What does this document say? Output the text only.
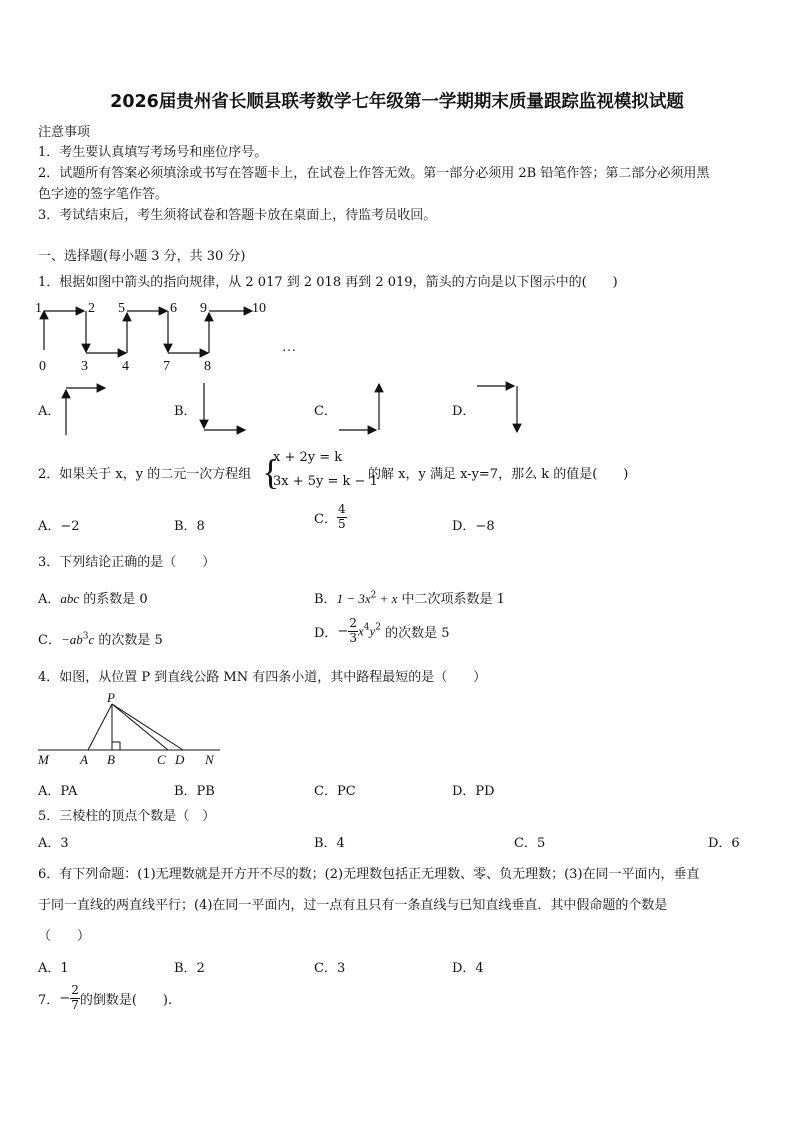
2026届贵州省长顺县联考数学七年级第一学期期末质量跟踪监视模拟试题
注意事项
1．考生要认真填写考场号和座位序号。
2．试题所有答案必须填涂或书写在答题卡上，在试卷上作答无效。第一部分必须用 2B 铅笔作答；第二部分必须用黑
色字迹的签字笔作答。
3．考试结束后，考生须将试卷和答题卡放在桌面上，待监考员收回。
一、选择题(每小题 3 分，共 30 分)
1．根据如图中箭头的指向规律，从 2 017 到 2 018 再到 2 019，箭头的方向是以下图示中的(　　)
1	2 5	6 9	10
0	3 4 7 8
…
A．	B．	C．	D．
2．如果关于 x，y 的二元一次方程组 {
x + 2y = k
3x + 5y = k − 1
的解 x，y 满足 x-y=7，那么 k 的值是(　　)
A．−2	B．8	C． $\frac{4}{5}$	D．−8
3．下列结论正确的是（　　）
A．abc 的系数是 0	B．$1 - 3x^2 + x$ 中二次项系数是 1
C．$-ab^3c$ 的次数是 5	D．− $\frac{2}{3} x^4y^2$ 的次数是 5
4．如图，从位置 P 到直线公路 MN 有四条小道，其中路程最短的是（　　）
P
M A B	C D N
A．PA	B．PB	C．PC	D．PD
5．三棱柱的顶点个数是（　）
A．3	B．4	C．5	D．6
6．有下列命题：(1)无理数就是开方开不尽的数；(2)无理数包括正无理数、零、负无理数；(3)在同一平面内，垂直
于同一直线的两直线平行；(4)在同一平面内，过一点有且只有一条直线与已知直线垂直．其中假命题的个数是
（　　）
A．1	B．2	C．3	D．4
7．− $\frac{2}{7}$ 的倒数是(　　).
